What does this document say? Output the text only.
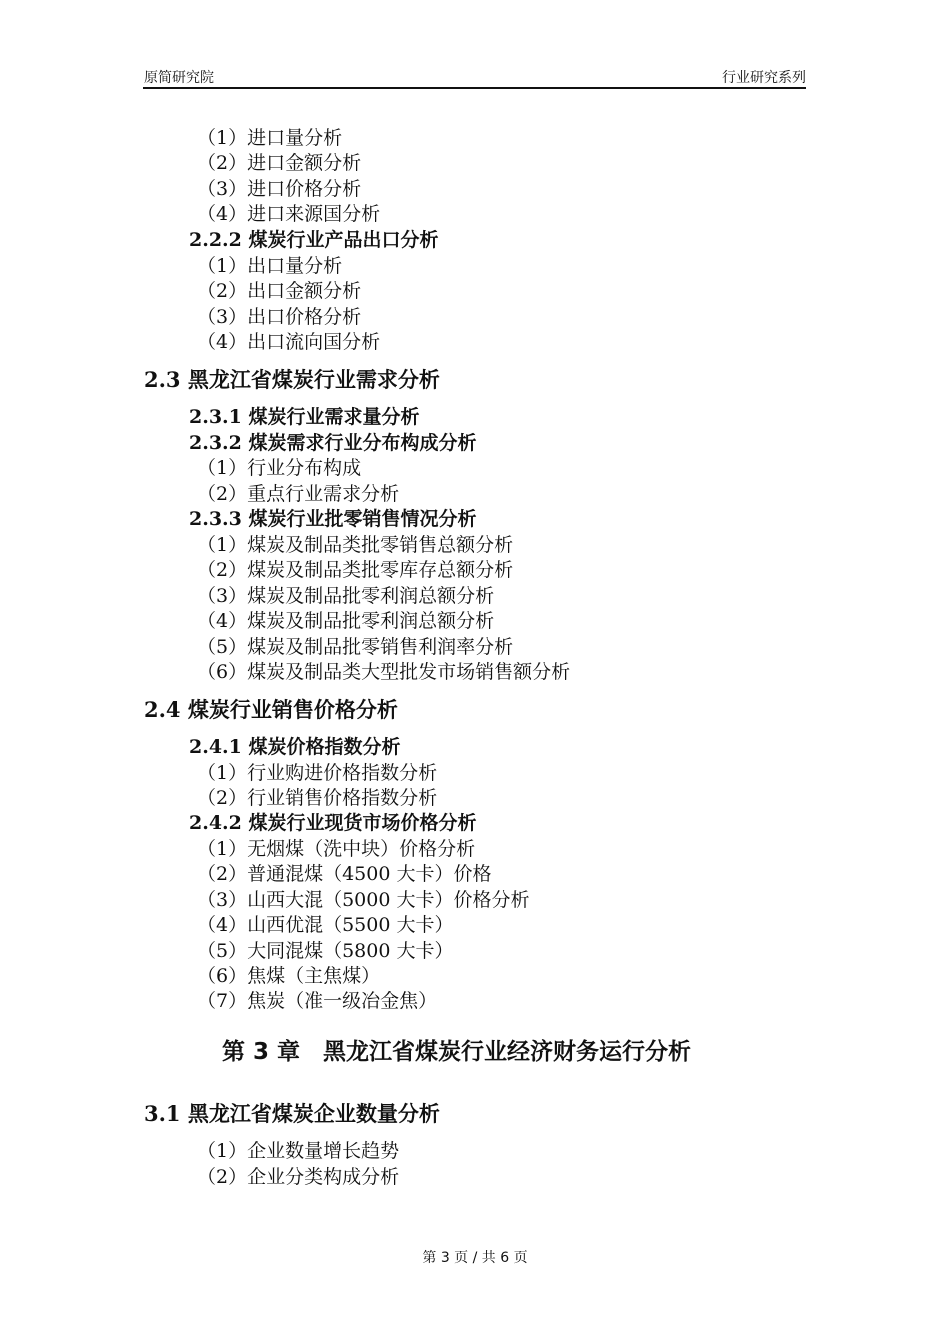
原简研究院	行业研究系列
（1）进口量分析
（2）进口金额分析
（3）进口价格分析
（4）进口来源国分析
2.2.2 煤炭行业产品出口分析
（1）出口量分析
（2）出口金额分析
（3）出口价格分析
（4）出口流向国分析
2.3 黑龙江省煤炭行业需求分析
2.3.1 煤炭行业需求量分析
2.3.2 煤炭需求行业分布构成分析
（1）行业分布构成
（2）重点行业需求分析
2.3.3 煤炭行业批零销售情况分析
（1）煤炭及制品类批零销售总额分析
（2）煤炭及制品类批零库存总额分析
（3）煤炭及制品批零利润总额分析
（4）煤炭及制品批零利润总额分析
（5）煤炭及制品批零销售利润率分析
（6）煤炭及制品类大型批发市场销售额分析
2.4 煤炭行业销售价格分析
2.4.1 煤炭价格指数分析
（1）行业购进价格指数分析
（2）行业销售价格指数分析
2.4.2 煤炭行业现货市场价格分析
（1）无烟煤（洗中块）价格分析
（2）普通混煤（4500 大卡）价格
（3）山西大混（5000 大卡）价格分析
（4）山西优混（5500 大卡）
（5）大同混煤（5800 大卡）
（6）焦煤（主焦煤）
（7）焦炭（准一级冶金焦）
第 3 章　黑龙江省煤炭行业经济财务运行分析
3.1 黑龙江省煤炭企业数量分析
（1）企业数量增长趋势
（2）企业分类构成分析
第 3 页 / 共 6 页
